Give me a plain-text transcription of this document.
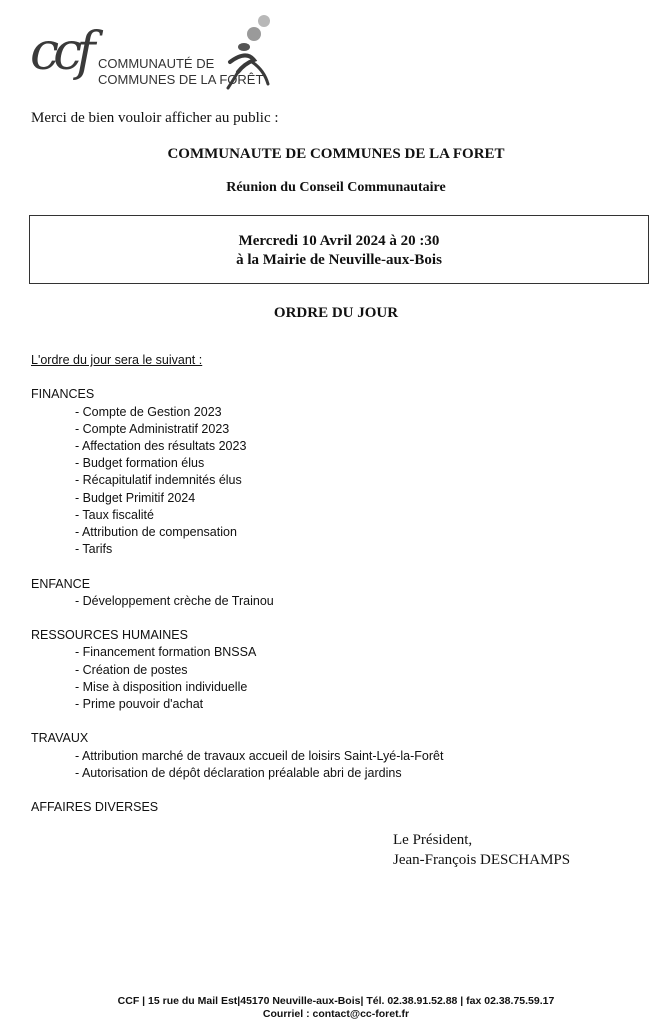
ccf COMMUNAUTÉ DE
COMMUNES DE LA FORÊT
Merci de bien vouloir afficher au public :
COMMUNAUTE DE COMMUNES DE LA FORET
Réunion du Conseil Communautaire
Mercredi 10 Avril 2024 à 20 :30
à la Mairie de Neuville-aux-Bois
ORDRE DU JOUR
L'ordre du jour sera le suivant :
FINANCES
- Compte de Gestion 2023
- Compte Administratif 2023
- Affectation des résultats 2023
- Budget formation élus
- Récapitulatif indemnités élus
- Budget Primitif 2024
- Taux fiscalité
- Attribution de compensation
- Tarifs
ENFANCE
- Développement crèche de Trainou
RESSOURCES HUMAINES
- Financement formation BNSSA
- Création de postes
- Mise à disposition individuelle
- Prime pouvoir d'achat
TRAVAUX
- Attribution marché de travaux accueil de loisirs Saint-Lyé-la-Forêt
- Autorisation de dépôt déclaration préalable abri de jardins
AFFAIRES DIVERSES
Le Président,
Jean-François DESCHAMPS
CCF | 15 rue du Mail Est|45170 Neuville-aux-Bois| Tél. 02.38.91.52.88 | fax 02.38.75.59.17
Courriel : contact@cc-foret.fr
